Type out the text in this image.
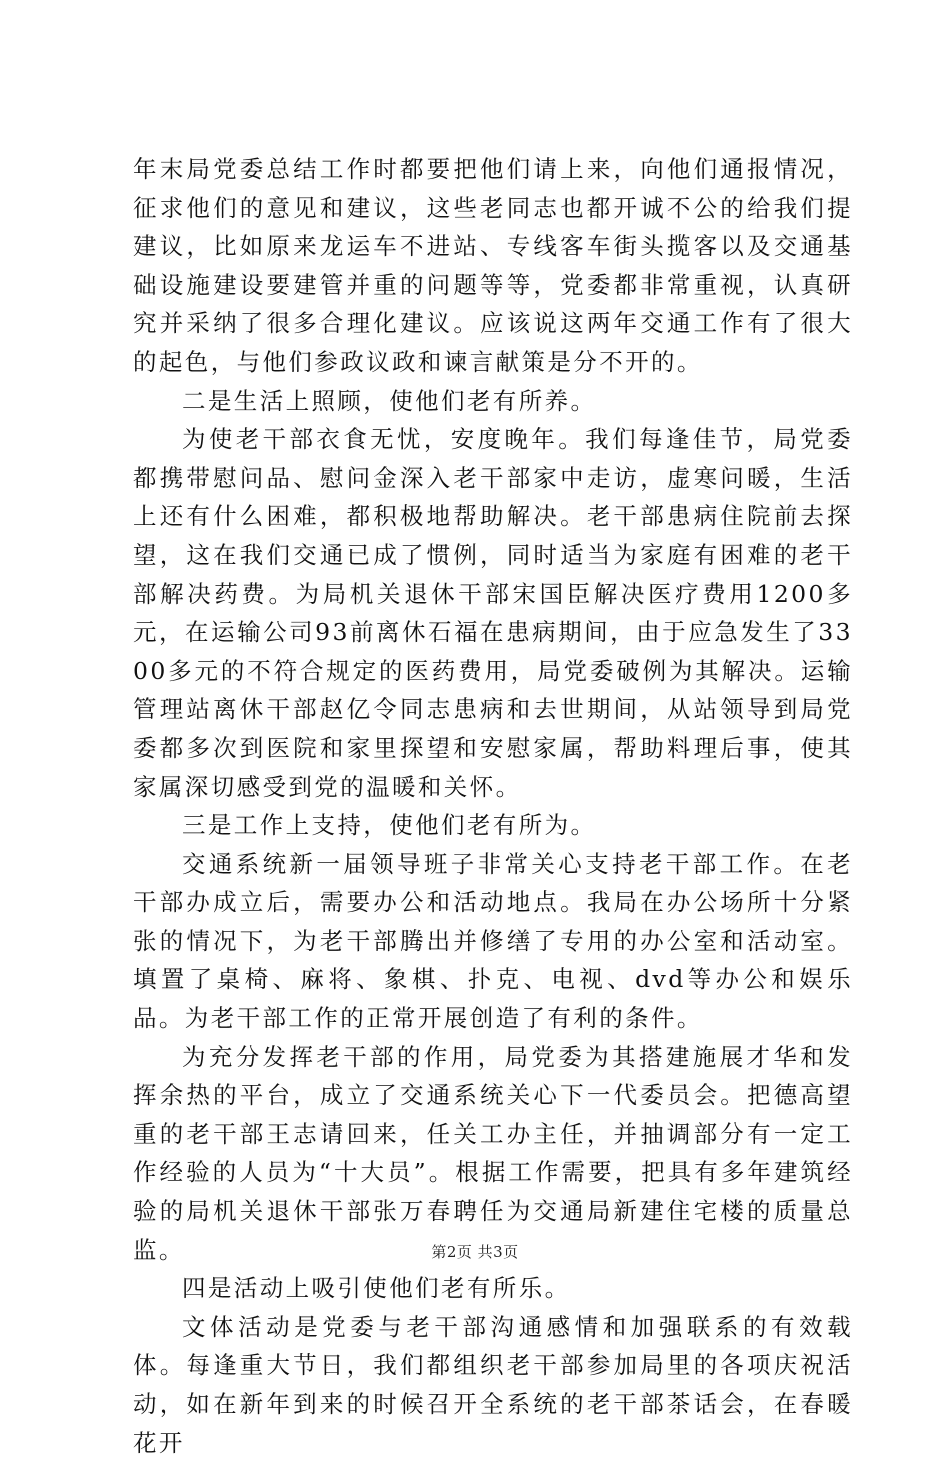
年末局党委总结工作时都要把他们请上来，向他们通报情况，征求他们的意见和建议，这些老同志也都开诚不公的给我们提建议，比如原来龙运车不进站、专线客车街头揽客以及交通基础设施建设要建管并重的问题等等，党委都非常重视，认真研究并采纳了很多合理化建议。应该说这两年交通工作有了很大的起色，与他们参政议政和谏言献策是分不开的。

二是生活上照顾，使他们老有所养。

为使老干部衣食无忧，安度晚年。我们每逢佳节，局党委都携带慰问品、慰问金深入老干部家中走访，虚寒问暖，生活上还有什么困难，都积极地帮助解决。老干部患病住院前去探望，这在我们交通已成了惯例，同时适当为家庭有困难的老干部解决药费。为局机关退休干部宋国臣解决医疗费用1200多元，在运输公司93前离休石福在患病期间，由于应急发生了3300多元的不符合规定的医药费用，局党委破例为其解决。运输管理站离休干部赵亿令同志患病和去世期间，从站领导到局党委都多次到医院和家里探望和安慰家属，帮助料理后事，使其家属深切感受到党的温暖和关怀。

三是工作上支持，使他们老有所为。

交通系统新一届领导班子非常关心支持老干部工作。在老干部办成立后，需要办公和活动地点。我局在办公场所十分紧张的情况下，为老干部腾出并修缮了专用的办公室和活动室。填置了桌椅、麻将、象棋、扑克、电视、dvd等办公和娱乐品。为老干部工作的正常开展创造了有利的条件。

为充分发挥老干部的作用，局党委为其搭建施展才华和发挥余热的平台，成立了交通系统关心下一代委员会。把德高望重的老干部王志请回来，任关工办主任，并抽调部分有一定工作经验的人员为“十大员”。根据工作需要，把具有多年建筑经验的局机关退休干部张万春聘任为交通局新建住宅楼的质量总监。

四是活动上吸引使他们老有所乐。

文体活动是党委与老干部沟通感情和加强联系的有效载体。每逢重大节日，我们都组织老干部参加局里的各项庆祝活动，如在新年到来的时候召开全系统的老干部茶话会，在春暖花开

第2页 共3页
